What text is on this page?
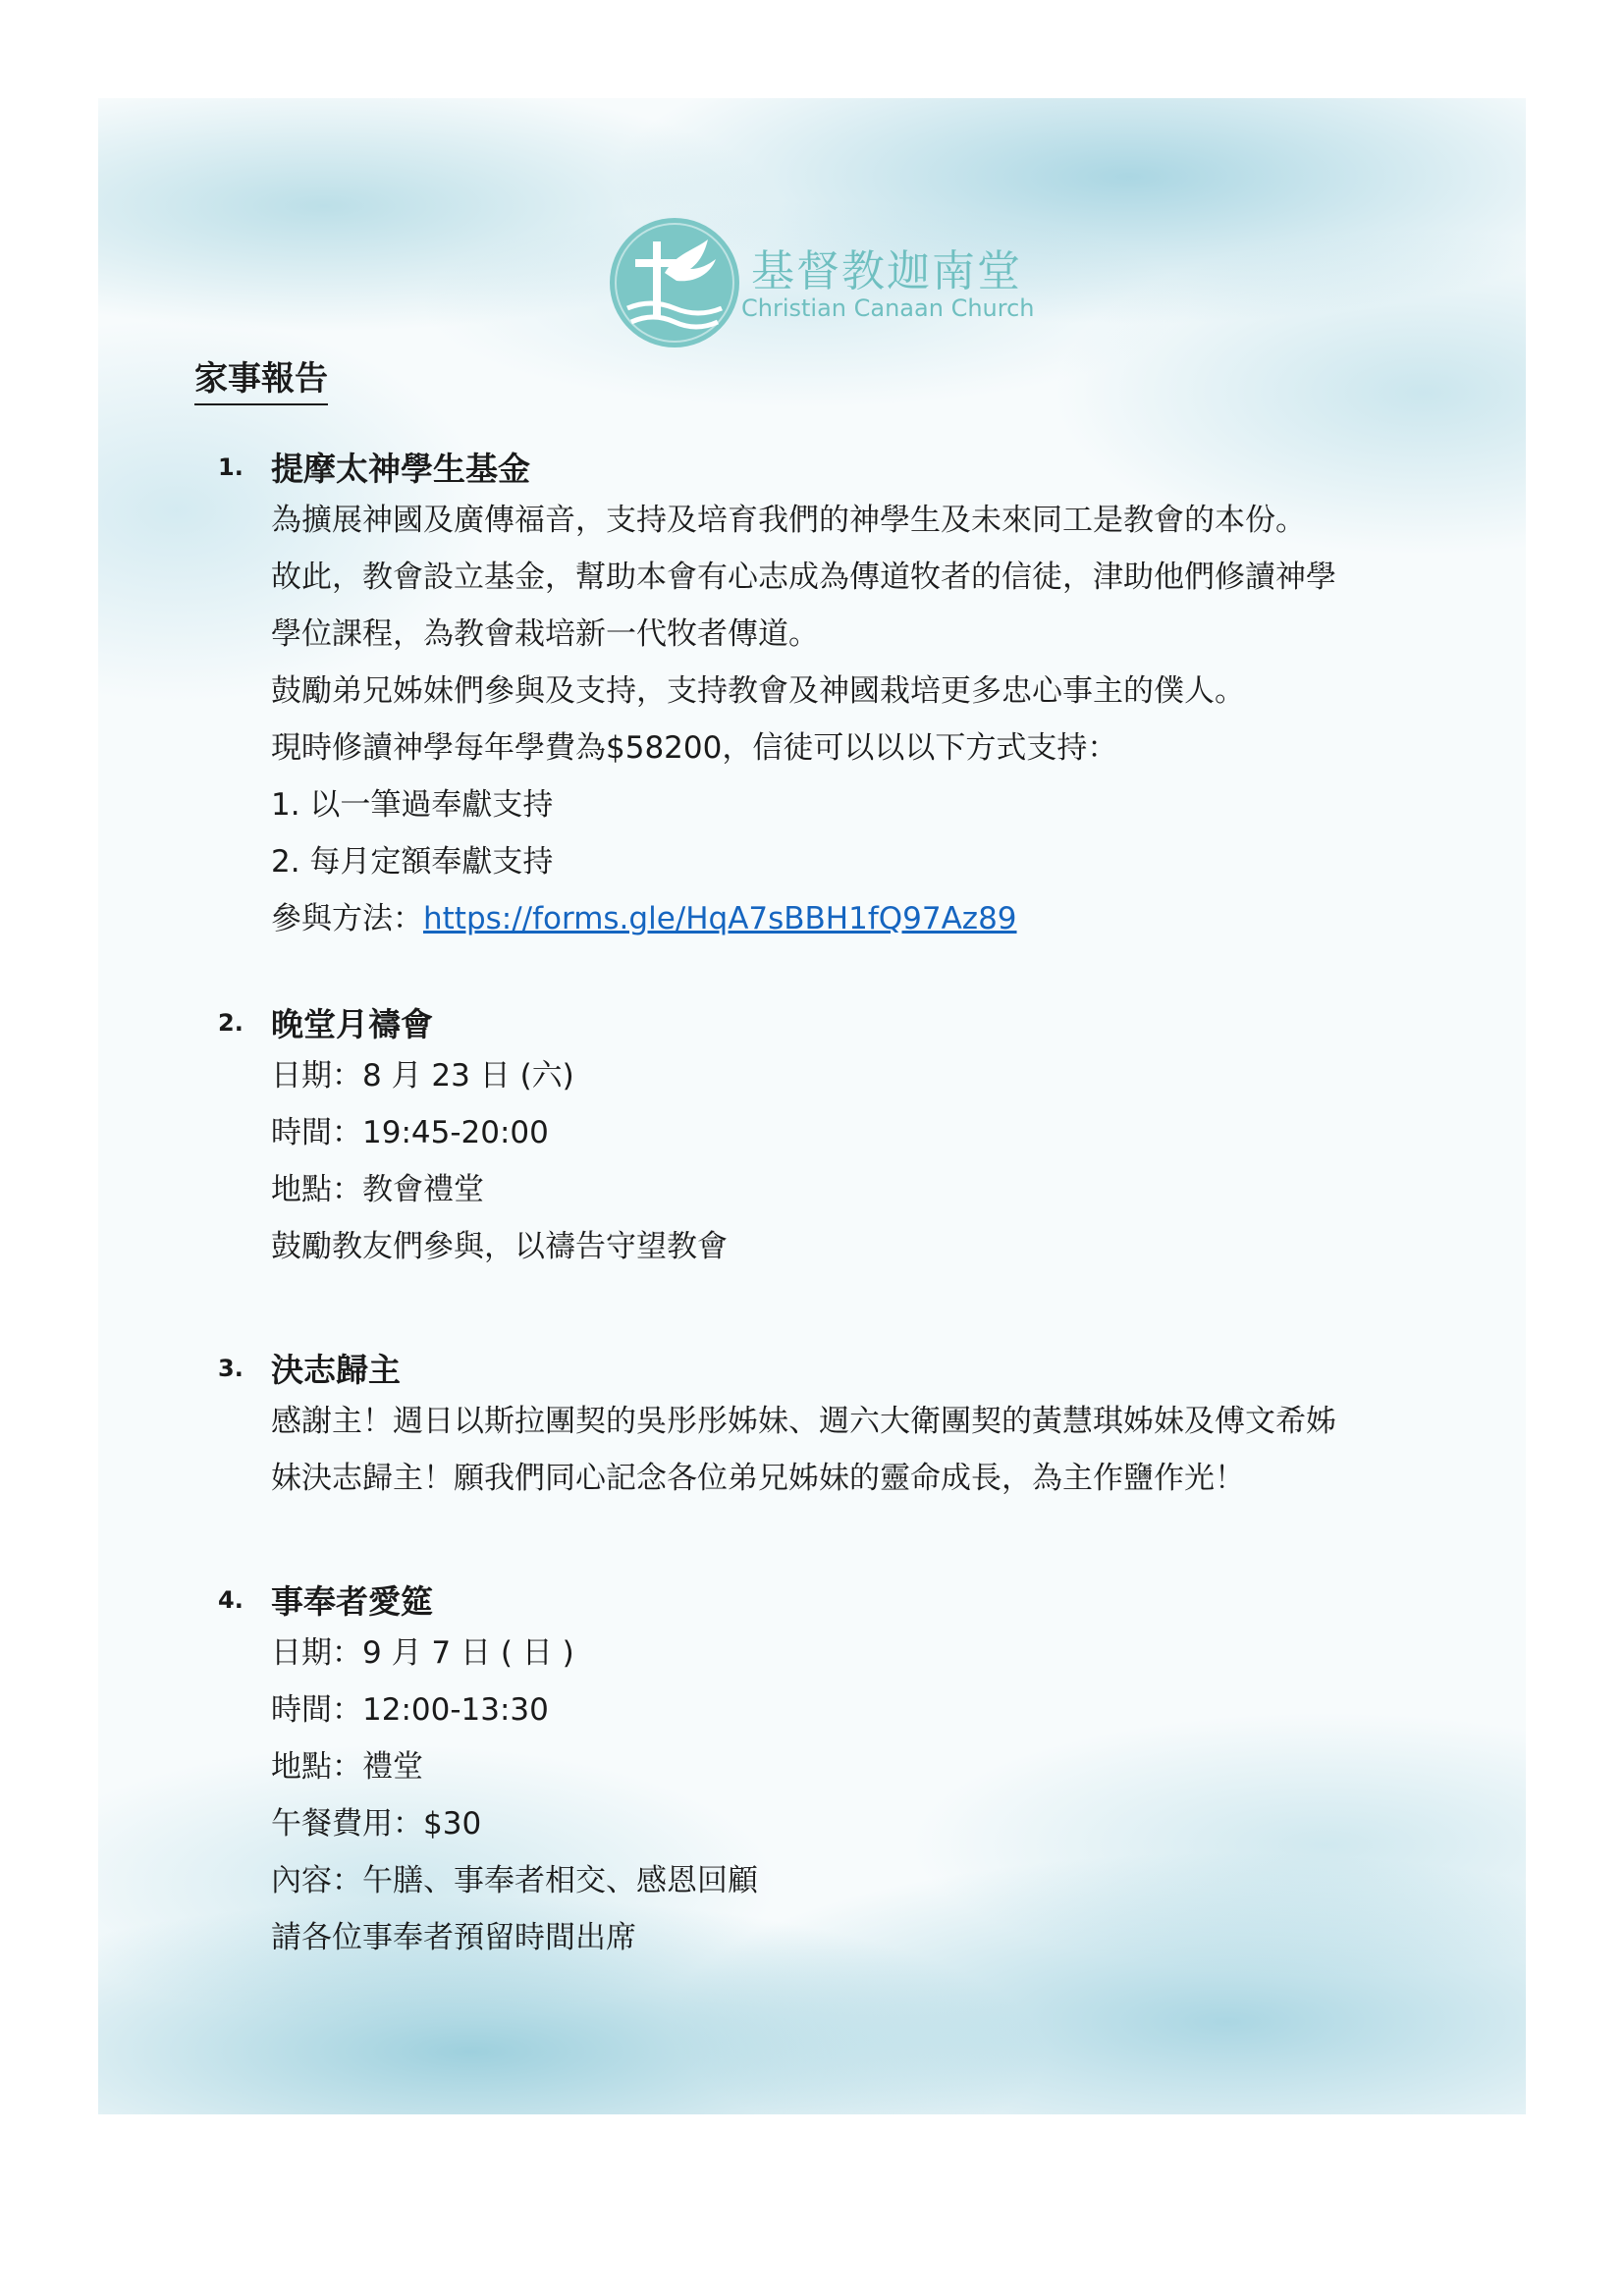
基督教迦南堂
Christian Canaan Church
家事報告
1. 提摩太神學生基金
為擴展神國及廣傳福音，支持及培育我們的神學生及未來同工是教會的本份。
故此，教會設立基金，幫助本會有心志成為傳道牧者的信徒，津助他們修讀神學
學位課程，為教會栽培新一代牧者傳道。
鼓勵弟兄姊妹們參與及支持，支持教會及神國栽培更多忠心事主的僕人。
現時修讀神學每年學費為$58200，信徒可以以以下方式支持：
1. 以一筆過奉獻支持
2. 每月定額奉獻支持
參與方法：https://forms.gle/HqA7sBBH1fQ97Az89
2. 晚堂月禱會
日期：8 月 23 日 (六)
時間：19:45-20:00
地點：教會禮堂
鼓勵教友們參與，以禱告守望教會
3. 決志歸主
感謝主！週日以斯拉團契的吳彤彤姊妹、週六大衛團契的黃慧琪姊妹及傅文希姊
妹決志歸主！願我們同心記念各位弟兄姊妹的靈命成長，為主作鹽作光！
4. 事奉者愛筵
日期：9 月 7 日 ( 日 )
時間：12:00-13:30
地點：禮堂
午餐費用：$30
內容：午膳、事奉者相交、感恩回顧
請各位事奉者預留時間出席
